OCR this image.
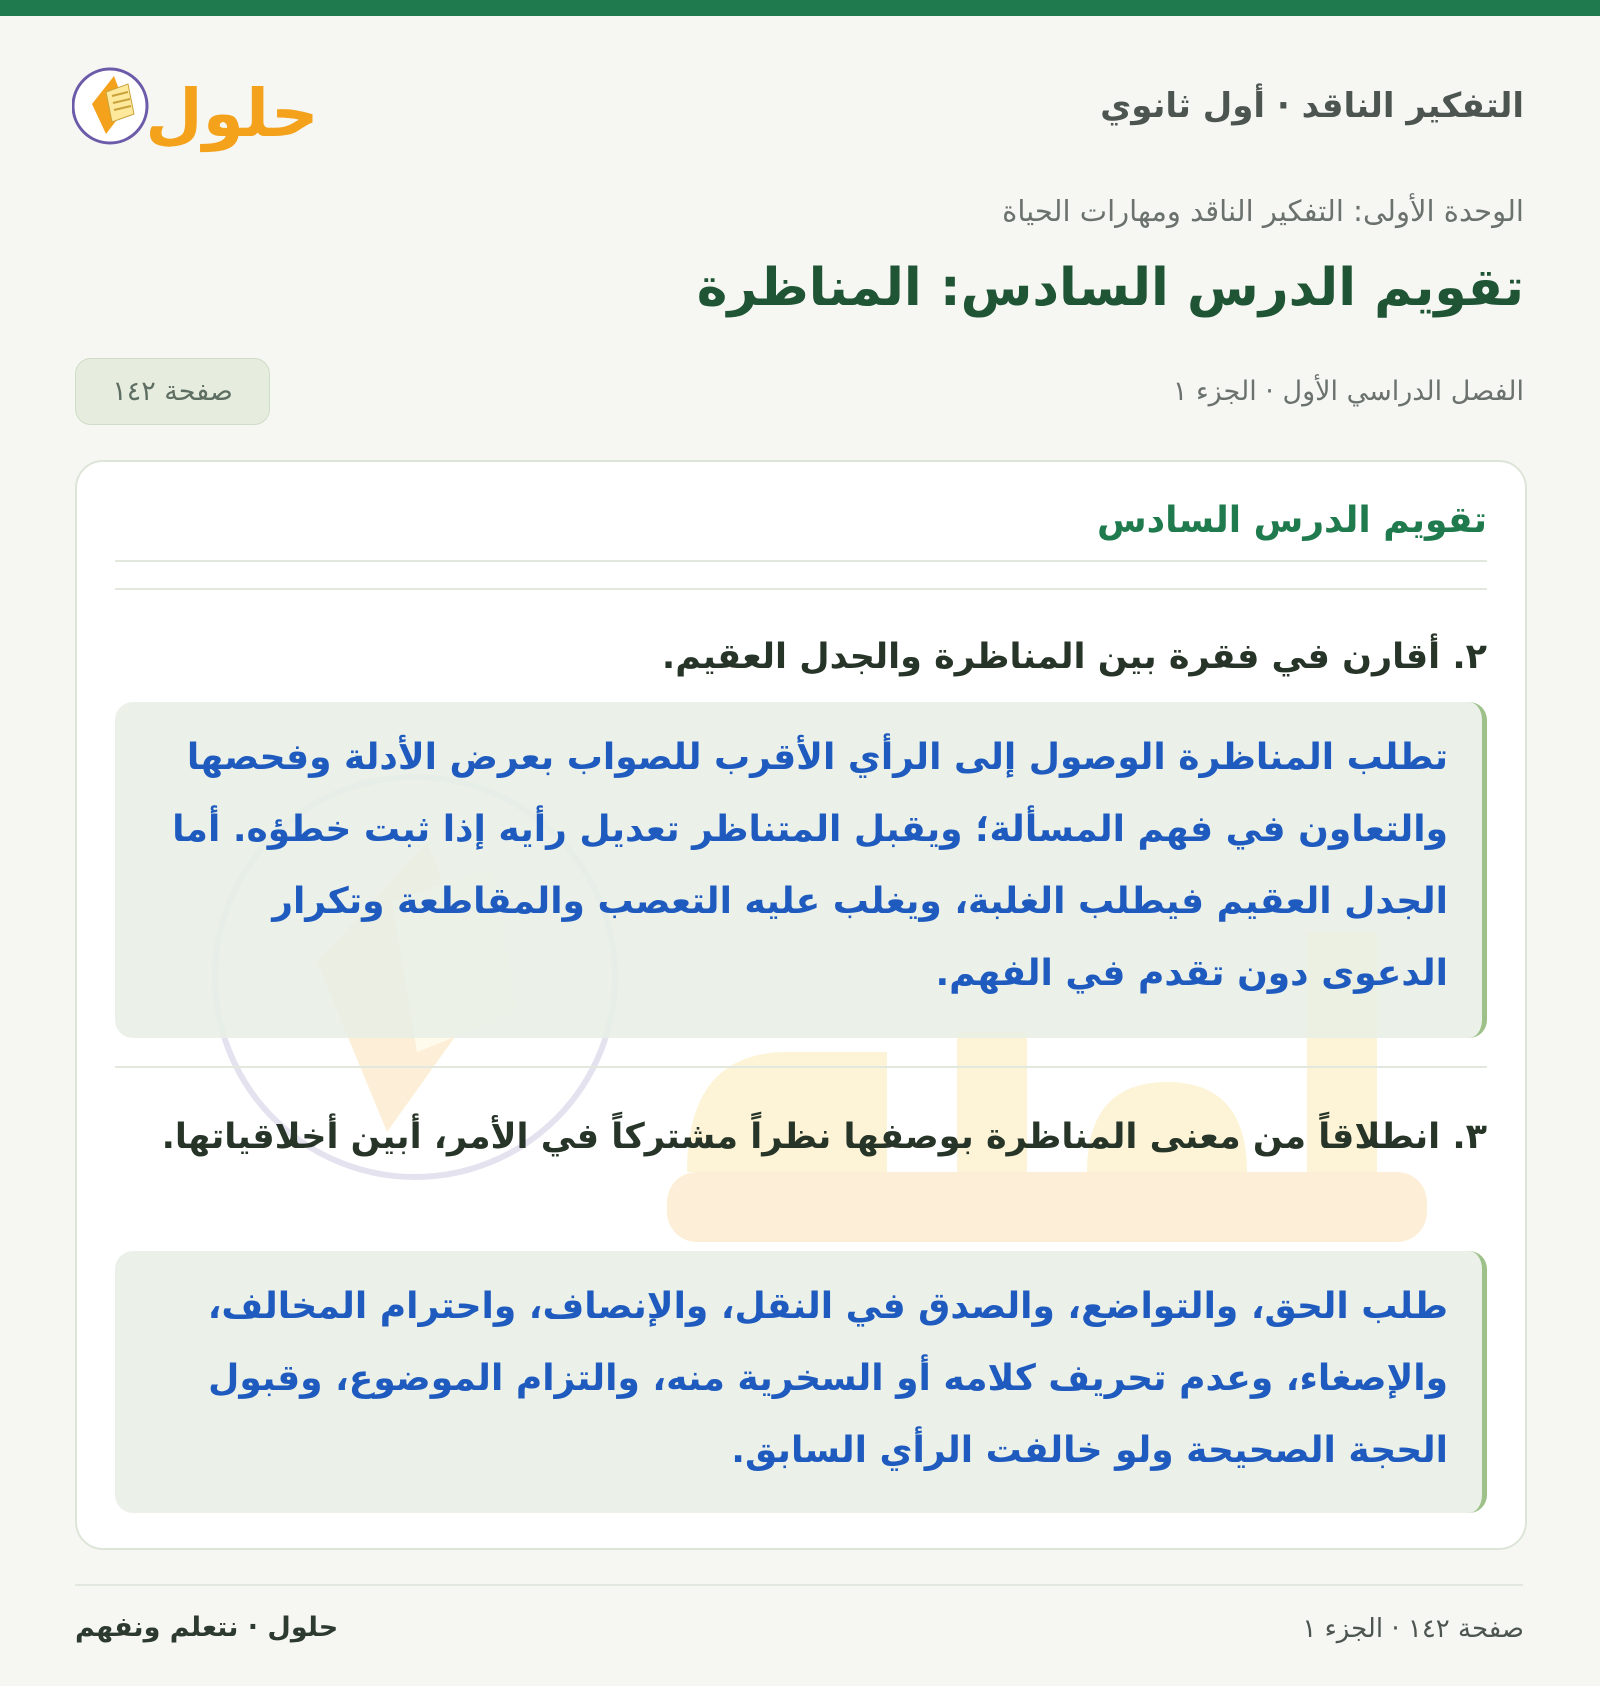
حلول	التفكير الناقد · أول ثانوي
الوحدة الأولى: التفكير الناقد ومهارات الحياة
تقويم الدرس السادس: المناظرة
الفصل الدراسي الأول · الجزء ١
صفحة ١٤٢
تقويم الدرس السادس
٢. أقارن في فقرة بين المناظرة والجدل العقيم.
تطلب المناظرة الوصول إلى الرأي الأقرب للصواب بعرض الأدلة وفحصها والتعاون في فهم المسألة؛ ويقبل المتناظر تعديل رأيه إذا ثبت خطؤه. أما الجدل العقيم فيطلب الغلبة، ويغلب عليه التعصب والمقاطعة وتكرار الدعوى دون تقدم في الفهم.
٣. انطلاقاً من معنى المناظرة بوصفها نظراً مشتركاً في الأمر، أبين أخلاقياتها.
طلب الحق، والتواضع، والصدق في النقل، والإنصاف، واحترام المخالف، والإصغاء، وعدم تحريف كلامه أو السخرية منه، والتزام الموضوع، وقبول الحجة الصحيحة ولو خالفت الرأي السابق.
صفحة ١٤٢ · الجزء ١
حلول · نتعلم ونفهم
